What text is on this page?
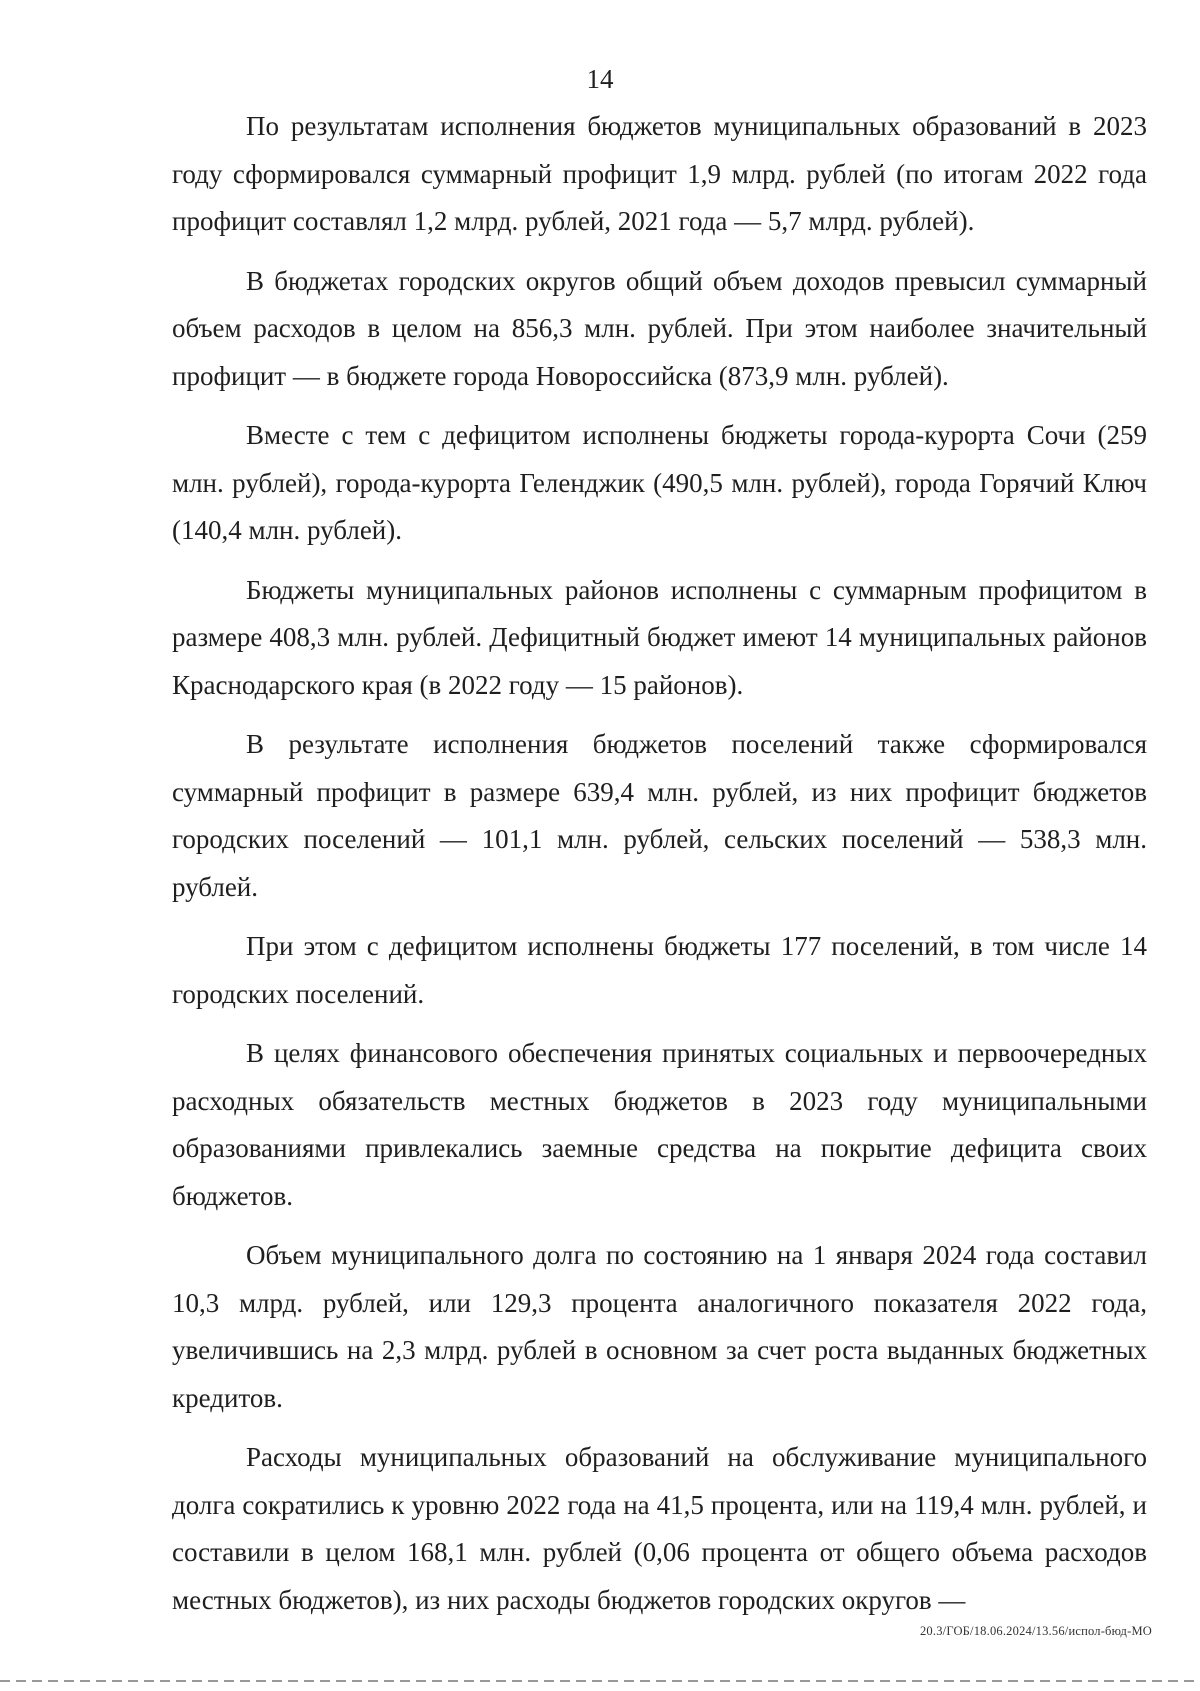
14

По результатам исполнения бюджетов муниципальных образований в 2023 году сформировался суммарный профицит 1,9 млрд. рублей (по итогам 2022 года профицит составлял 1,2 млрд. рублей, 2021 года — 5,7 млрд. рублей).

В бюджетах городских округов общий объем доходов превысил суммарный объем расходов в целом на 856,3 млн. рублей. При этом наиболее значительный профицит — в бюджете города Новороссийска (873,9 млн. рублей).

Вместе с тем с дефицитом исполнены бюджеты города-курорта Сочи (259 млн. рублей), города-курорта Геленджик (490,5 млн. рублей), города Горячий Ключ (140,4 млн. рублей).

Бюджеты муниципальных районов исполнены с суммарным профицитом в размере 408,3 млн. рублей. Дефицитный бюджет имеют 14 муниципальных районов Краснодарского края (в 2022 году — 15 районов).

В результате исполнения бюджетов поселений также сформировался суммарный профицит в размере 639,4 млн. рублей, из них профицит бюджетов городских поселений — 101,1 млн. рублей, сельских поселений — 538,3 млн. рублей.

При этом с дефицитом исполнены бюджеты 177 поселений, в том числе 14 городских поселений.

В целях финансового обеспечения принятых социальных и первоочередных расходных обязательств местных бюджетов в 2023 году муниципальными образованиями привлекались заемные средства на покрытие дефицита своих бюджетов.

Объем муниципального долга по состоянию на 1 января 2024 года составил 10,3 млрд. рублей, или 129,3 процента аналогичного показателя 2022 года, увеличившись на 2,3 млрд. рублей в основном за счет роста выданных бюджетных кредитов.

Расходы муниципальных образований на обслуживание муниципального долга сократились к уровню 2022 года на 41,5 процента, или на 119,4 млн. рублей, и составили в целом 168,1 млн. рублей (0,06 процента от общего объема расходов местных бюджетов), из них расходы бюджетов городских округов —

20.3/ГОБ/18.06.2024/13.56/испол-бюд-МО
